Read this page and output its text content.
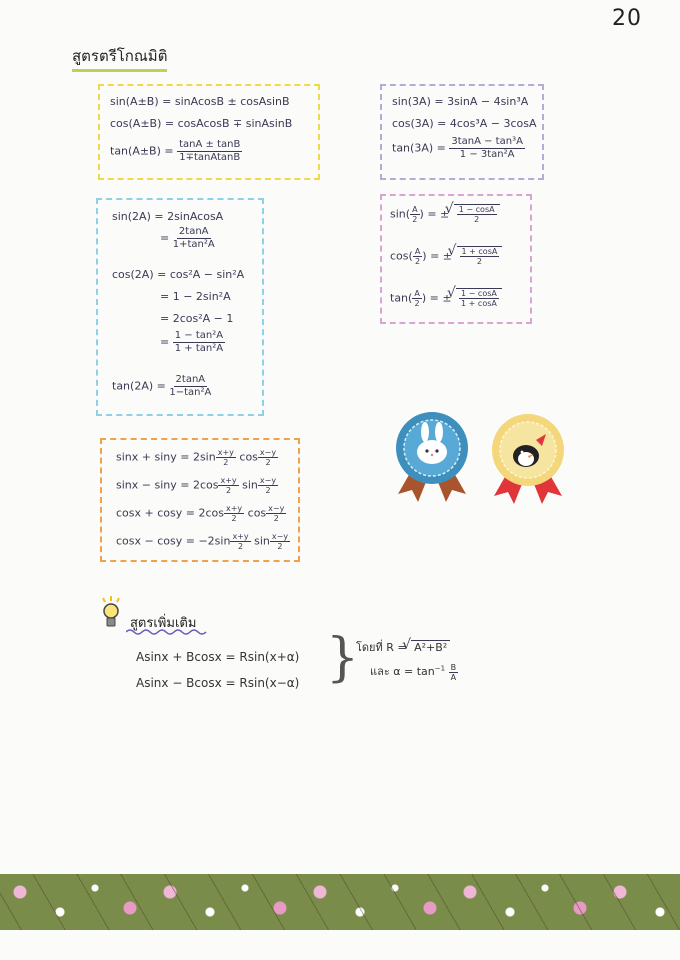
20
สูตรตรีโกณมิติ
sin(A±B) = sinAcosB ± cosAsinB
cos(A±B) = cosAcosB ∓ sinAsinB
$\tan(A\pm B) = \frac{\tan A \pm \tan B}{\text{1∓tanAtanB}}$
sin(3A) = 3sinA − 4sin³A
cos(3A) = 4cos³A − 3cosA
$\tan(3A) = \frac{\text{3tanA − tan³A}}{\text{1 − 3tan²A}}$
sin(2A) = 2sinAcosA
= $\frac{2\tan A}{\text{1+tan²A}}$
cos(2A) = cos²A − sin²A
= 1 − 2sin²A
= 2cos²A − 1
= $\frac{\text{1 − tan²A}}{\text{1 + tan²A}}$
$\tan(2A) = \frac{2\tan A}{\text{1−tan²A}}$
$\sin( \frac{A}{2}$ ) = ± √ $\frac{1 - \cos A}{2}$
$\cos( \frac{A}{2}$ ) = ± √ $\frac{1 + \cos A}{2}$
$\tan( \frac{A}{2}$ ) = ± √ $\frac{1 - \cos A}{1 + \cos A}$
$\sin x + \sin y = 2\sin \frac{x+y}{2}$ $\cos \frac{x-y}{2}$
$\sin x - \sin y = 2\cos \frac{x+y}{2}$ $\sin \frac{x-y}{2}$
$\cos x + \cos y = 2\cos \frac{x+y}{2}$ $\cos \frac{x-y}{2}$
$\cos x - \cos y = -2\sin \frac{x+y}{2}$ $\sin \frac{x-y}{2}$
สูตรเพิ่มเติม
Asinx + Bcosx = Rsin(x+α)
Asinx − Bcosx = Rsin(x−α) }
โดยที่ R = √ A²+B²
และ $\alpha = \tan^{-1} \frac{B}{A}$
